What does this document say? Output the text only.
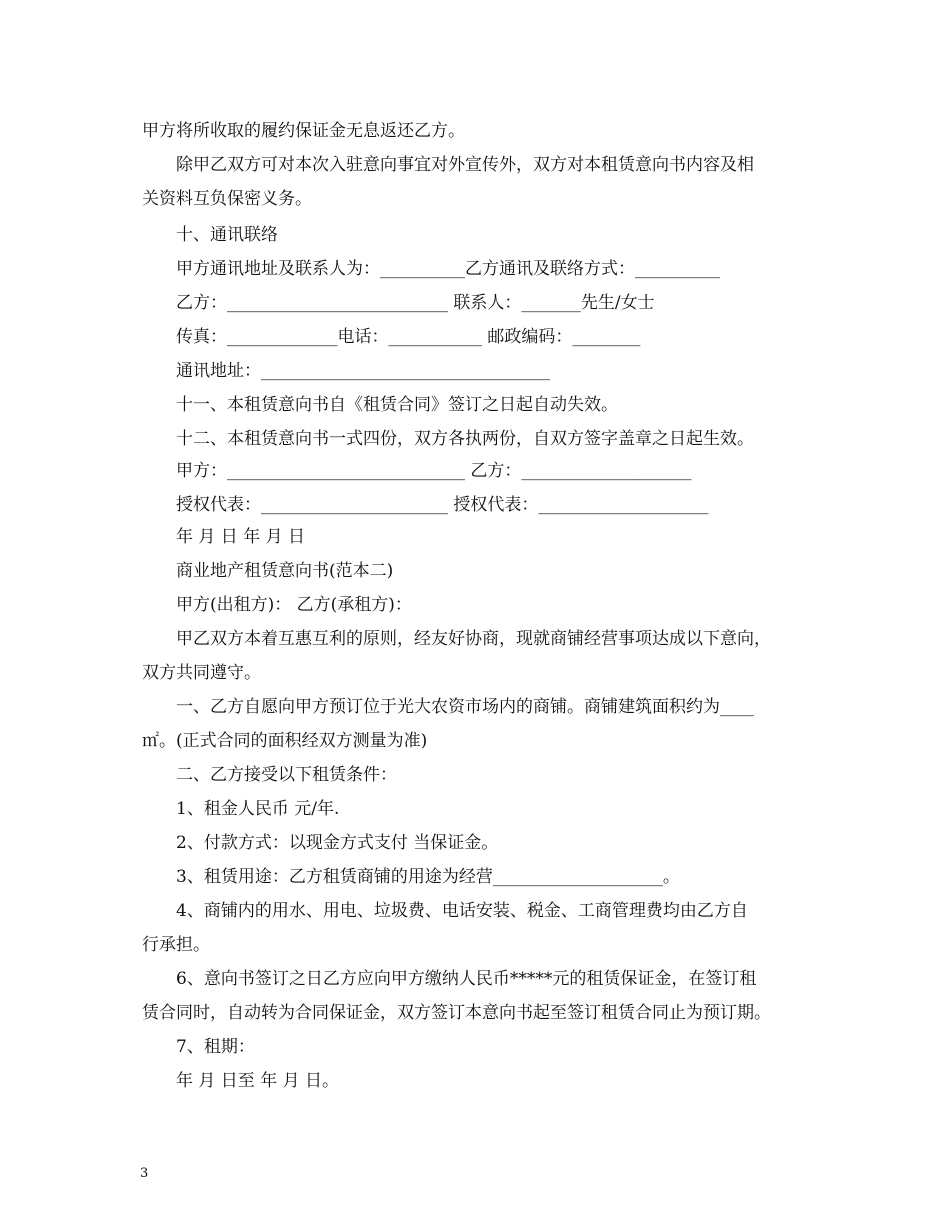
甲方将所收取的履约保证金无息返还乙方。
除甲乙双方可对本次入驻意向事宜对外宣传外，双方对本租赁意向书内容及相
关资料互负保密义务。
十、通讯联络
甲方通讯地址及联系人为：__________乙方通讯及联络方式：__________
乙方：__________________________ 联系人：_______先生/女士
传真：_____________电话：___________ 邮政编码：________
通讯地址：__________________________________
十一、本租赁意向书自《租赁合同》签订之日起自动失效。
十二、本租赁意向书一式四份，双方各执两份，自双方签字盖章之日起生效。
甲方：____________________________ 乙方：____________________
授权代表：______________________ 授权代表：____________________
年 月 日 年 月 日
商业地产租赁意向书(范本二)
甲方(出租方)： 乙方(承租方)：
甲乙双方本着互惠互利的原则，经友好协商，现就商铺经营事项达成以下意向，
双方共同遵守。
一、乙方自愿向甲方预订位于光大农资市场内的商铺。商铺建筑面积约为____
㎡。(正式合同的面积经双方测量为准)
二、乙方接受以下租赁条件：
1、租金人民币 元/年.
2、付款方式：以现金方式支付 当保证金。
3、租赁用途：乙方租赁商铺的用途为经营____________________。
4、商铺内的用水、用电、垃圾费、电话安装、税金、工商管理费均由乙方自
行承担。
6、意向书签订之日乙方应向甲方缴纳人民币*****元的租赁保证金，在签订租
赁合同时，自动转为合同保证金，双方签订本意向书起至签订租赁合同止为预订期。
7、租期：
年 月 日至 年 月 日。
3
